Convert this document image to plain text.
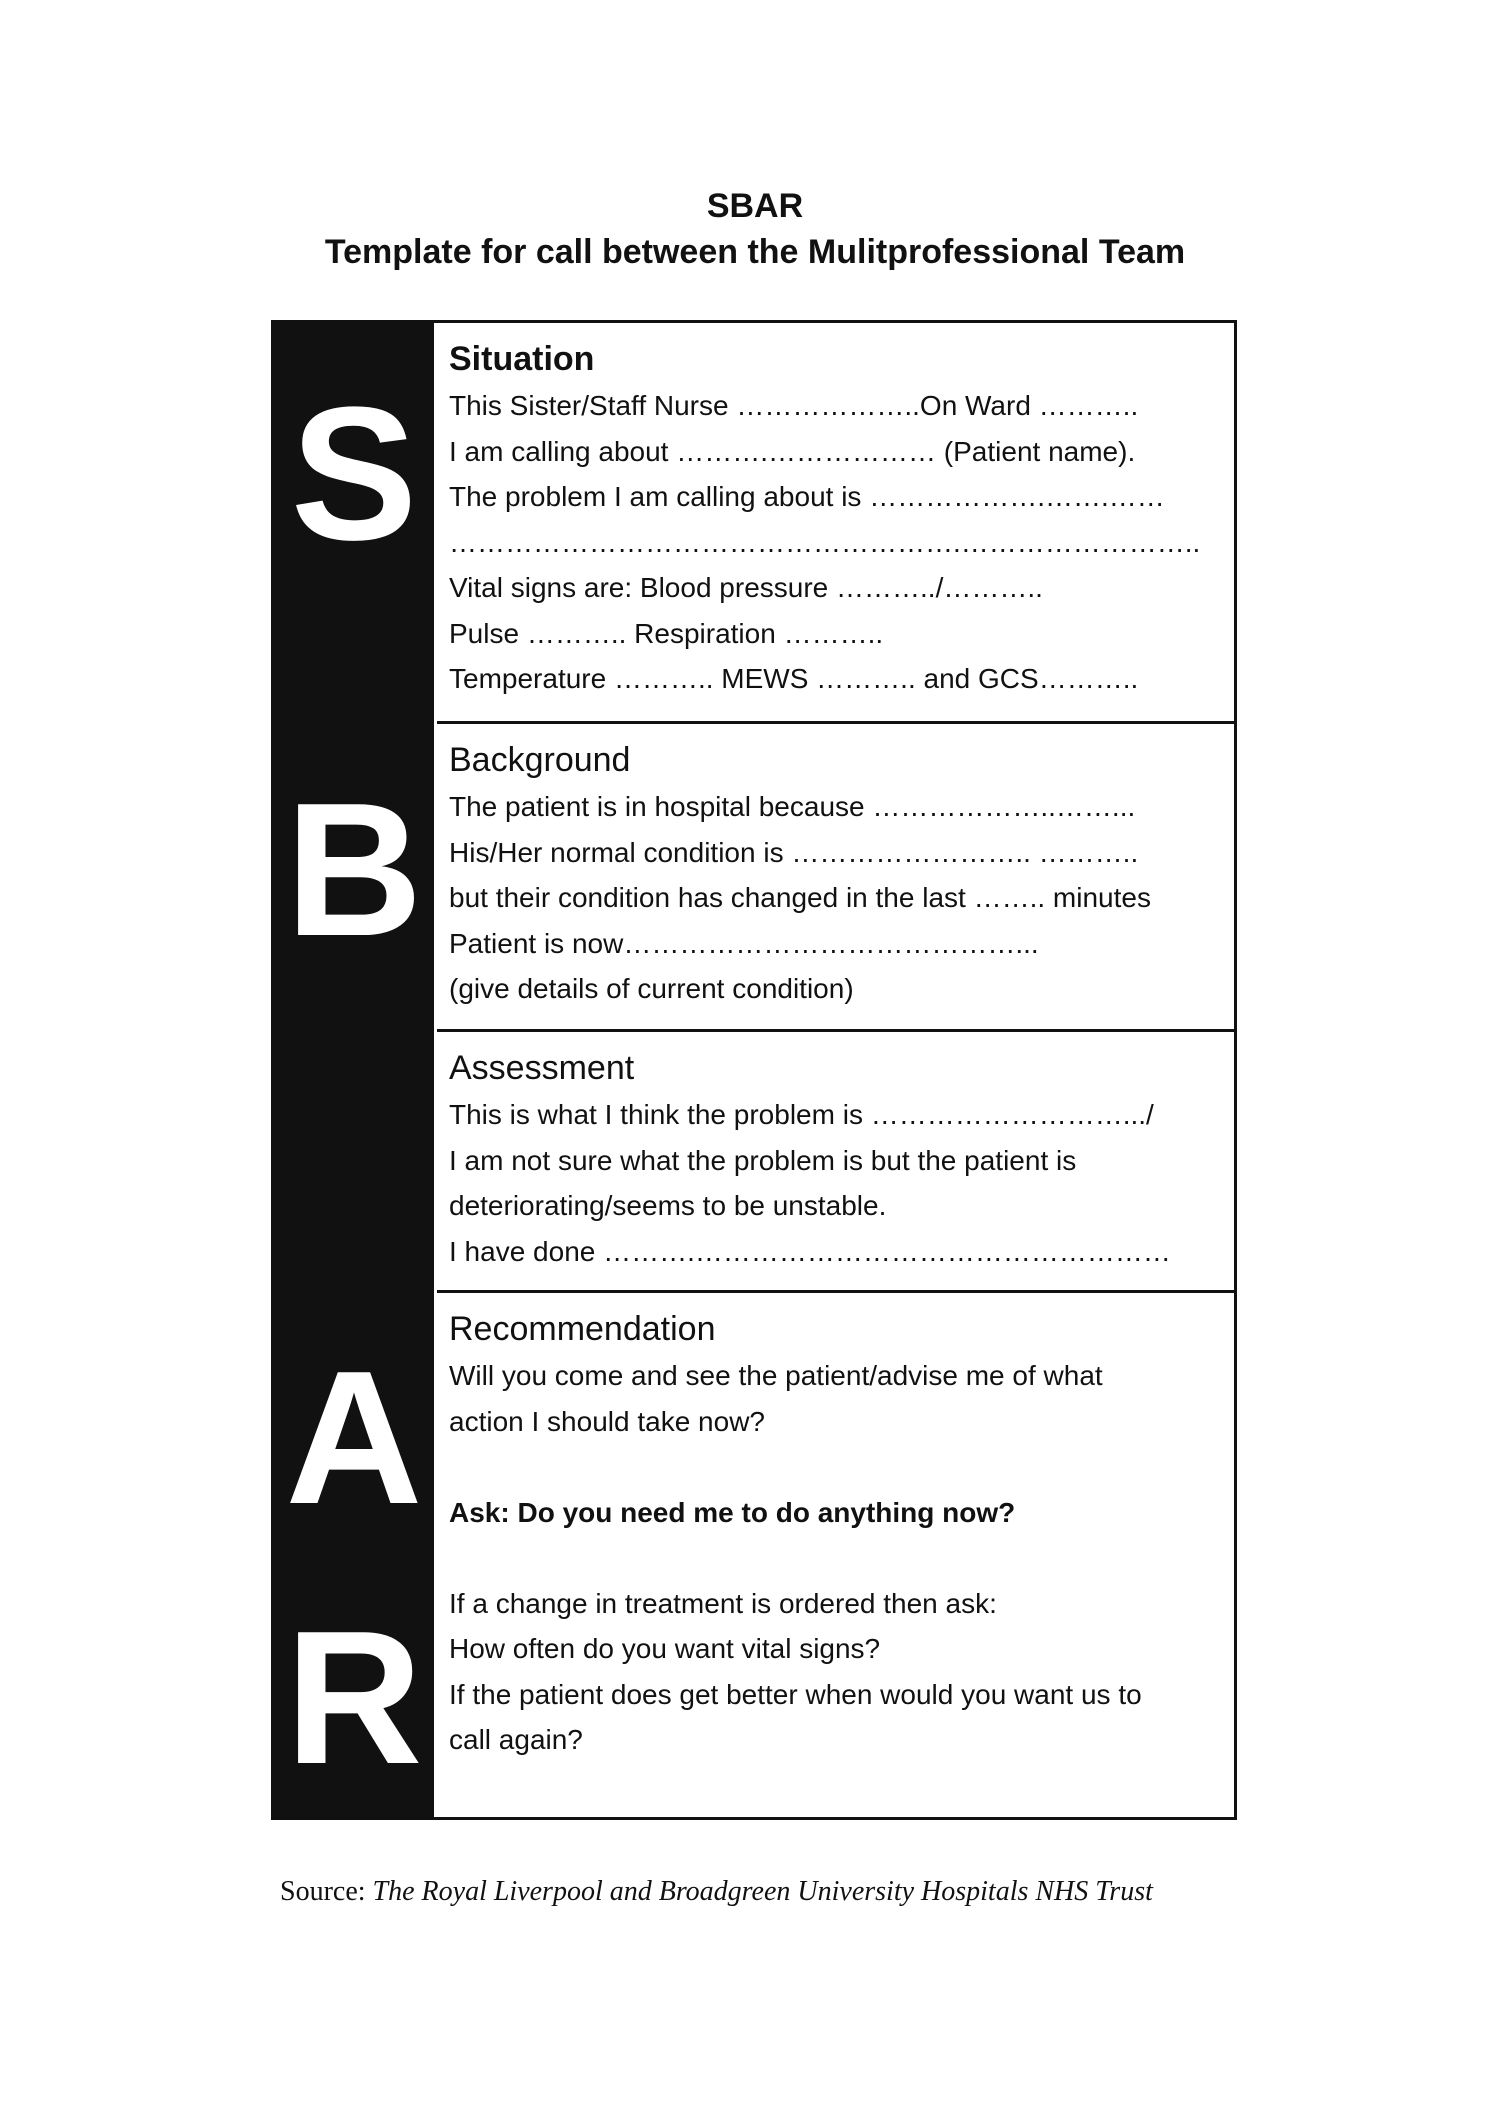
SBAR
Template for call between the Mulitprofessional Team
S
B
A
R
Situation
This Sister/Staff Nurse ………………..On Ward ………..
I am calling about ……….……………… (Patient name).
The problem I am calling about is ……………….…….……
……………………………………………….……………………..
Vital signs are: Blood pressure ………../………..
Pulse ……….. Respiration ………..
Temperature ……….. MEWS ……….. and GCS………..
Background
The patient is in hospital because ………………..……...
His/Her normal condition is …………………….. ………..
but their condition has changed in the last …….. minutes
Patient is now……………………………………...
(give details of current condition)
Assessment
This is what I think the problem is ……………………….../
I am not sure what the problem is but the patient is
deteriorating/seems to be unstable.
I have done ……….……………………………………………
Recommendation
Will you come and see the patient/advise me of what
action I should take now?
Ask: Do you need me to do anything now?
If a change in treatment is ordered then ask:
How often do you want vital signs?
If the patient does get better when would you want us to
call again?
Source: The Royal Liverpool and Broadgreen University Hospitals NHS Trust
